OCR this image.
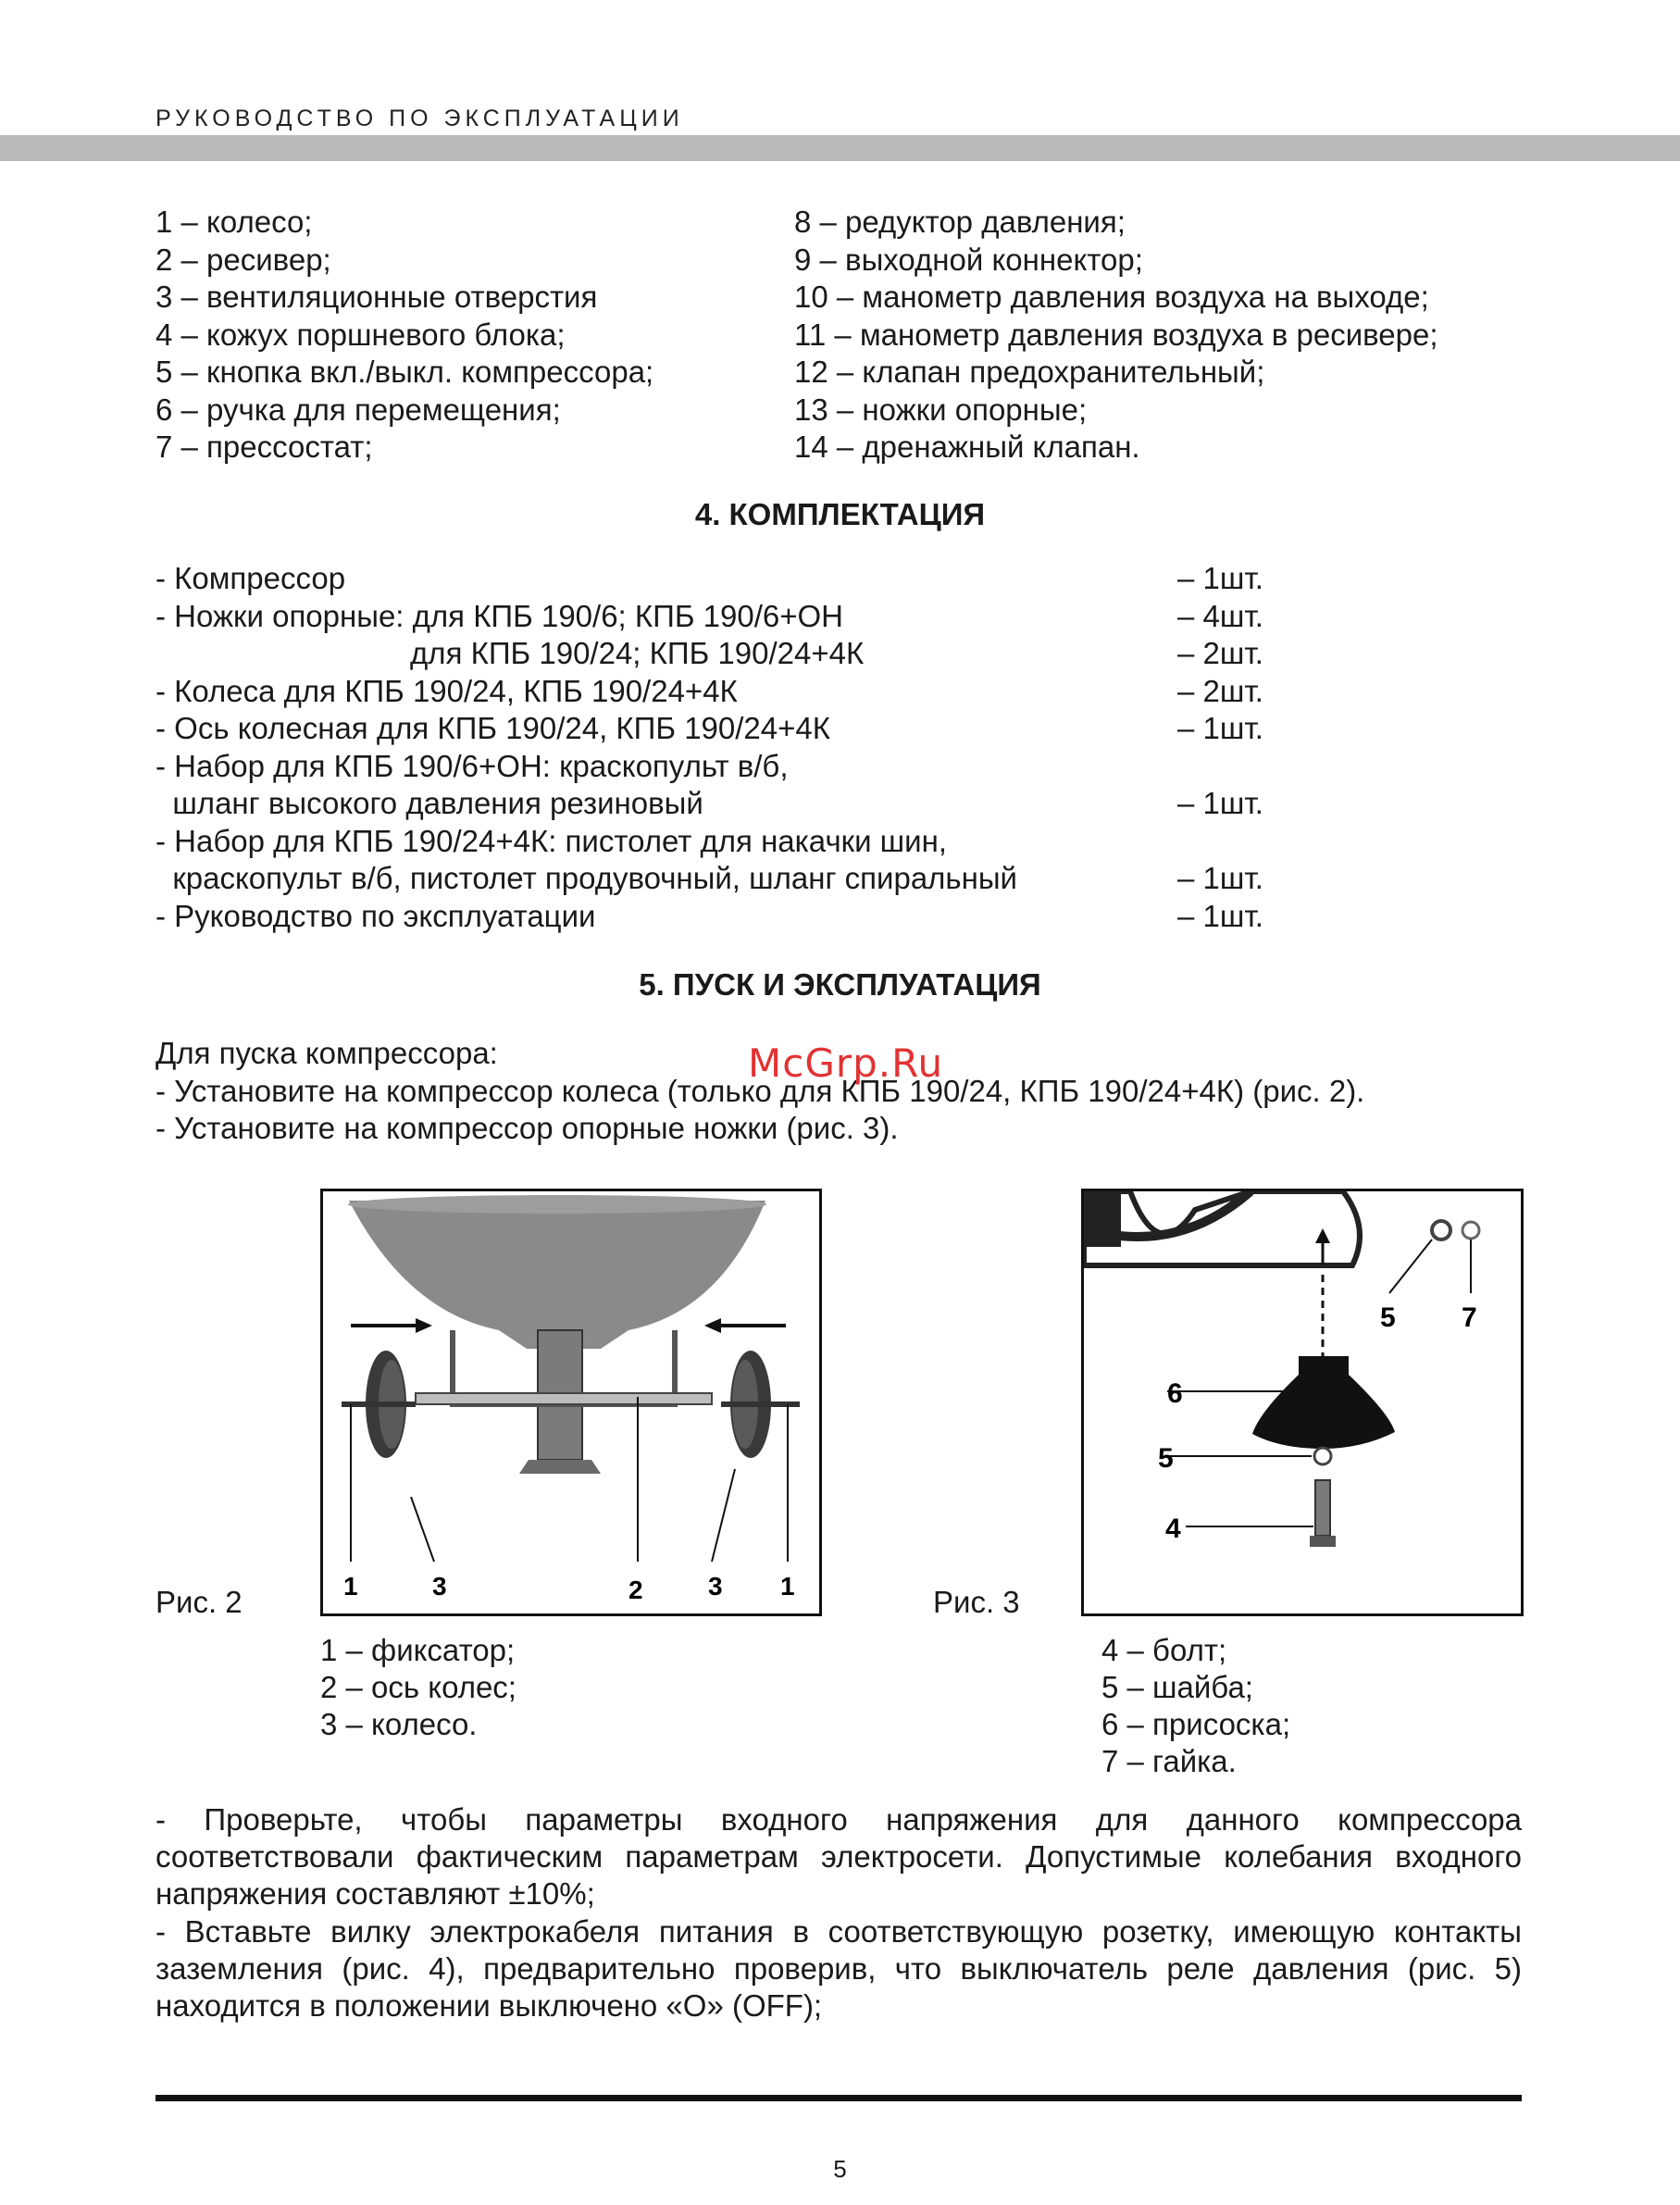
РУКОВОДСТВО ПО ЭКСПЛУАТАЦИИ
1 – колесо;
2 – ресивер;
3 – вентиляционные отверстия
4 – кожух поршневого блока;
5 – кнопка вкл./выкл. компрессора;
6 – ручка для перемещения;
7 – прессостат;
8 – редуктор давления;
9 – выходной коннектор;
10 – манометр давления воздуха на выходе;
11 – манометр давления воздуха в ресивере;
12 – клапан предохранительный;
13 – ножки опорные;
14 – дренажный клапан.
4. КОМПЛЕКТАЦИЯ
- Компрессор	– 1шт.
- Ножки опорные: для КПБ 190/6; КПБ 190/6+ОН	– 4шт.
для КПБ 190/24; КПБ 190/24+4К	– 2шт.
- Колеса для КПБ 190/24, КПБ 190/24+4К	– 2шт.
- Ось колесная для КПБ 190/24, КПБ 190/24+4К	– 1шт.
- Набор для КПБ 190/6+ОН: краскопульт в/б,
шланг высокого давления резиновый	– 1шт.
- Набор для КПБ 190/24+4К: пистолет для накачки шин,
краскопульт в/б, пистолет продувочный, шланг спиральный	– 1шт.
- Руководство по эксплуатации	– 1шт.
5. ПУСК И ЭКСПЛУАТАЦИЯ
Для пуска компрессора:
- Установите на компрессор колеса (только для КПБ 190/24, КПБ 190/24+4К) (рис. 2).
- Установите на компрессор опорные ножки (рис. 3).
McGrp.Ru
1	3	2	3 1
Рис. 2
1 – фиксатор;
2 – ось колес;
3 – колесо.
5 7
6
5
4
Рис. 3
4 – болт;
5 – шайба;
6 – присоска;
7 – гайка.
- Проверьте, чтобы параметры входного напряжения для данного компрессора соответствовали фактическим параметрам электросети. Допустимые колебания входного напряжения составляют ±10%;
- Вставьте вилку электрокабеля питания в соответствующую розетку, имеющую контакты заземления (рис. 4), предварительно проверив, что выключатель реле давления (рис. 5) находится в положении выключено «О» (OFF);
5
